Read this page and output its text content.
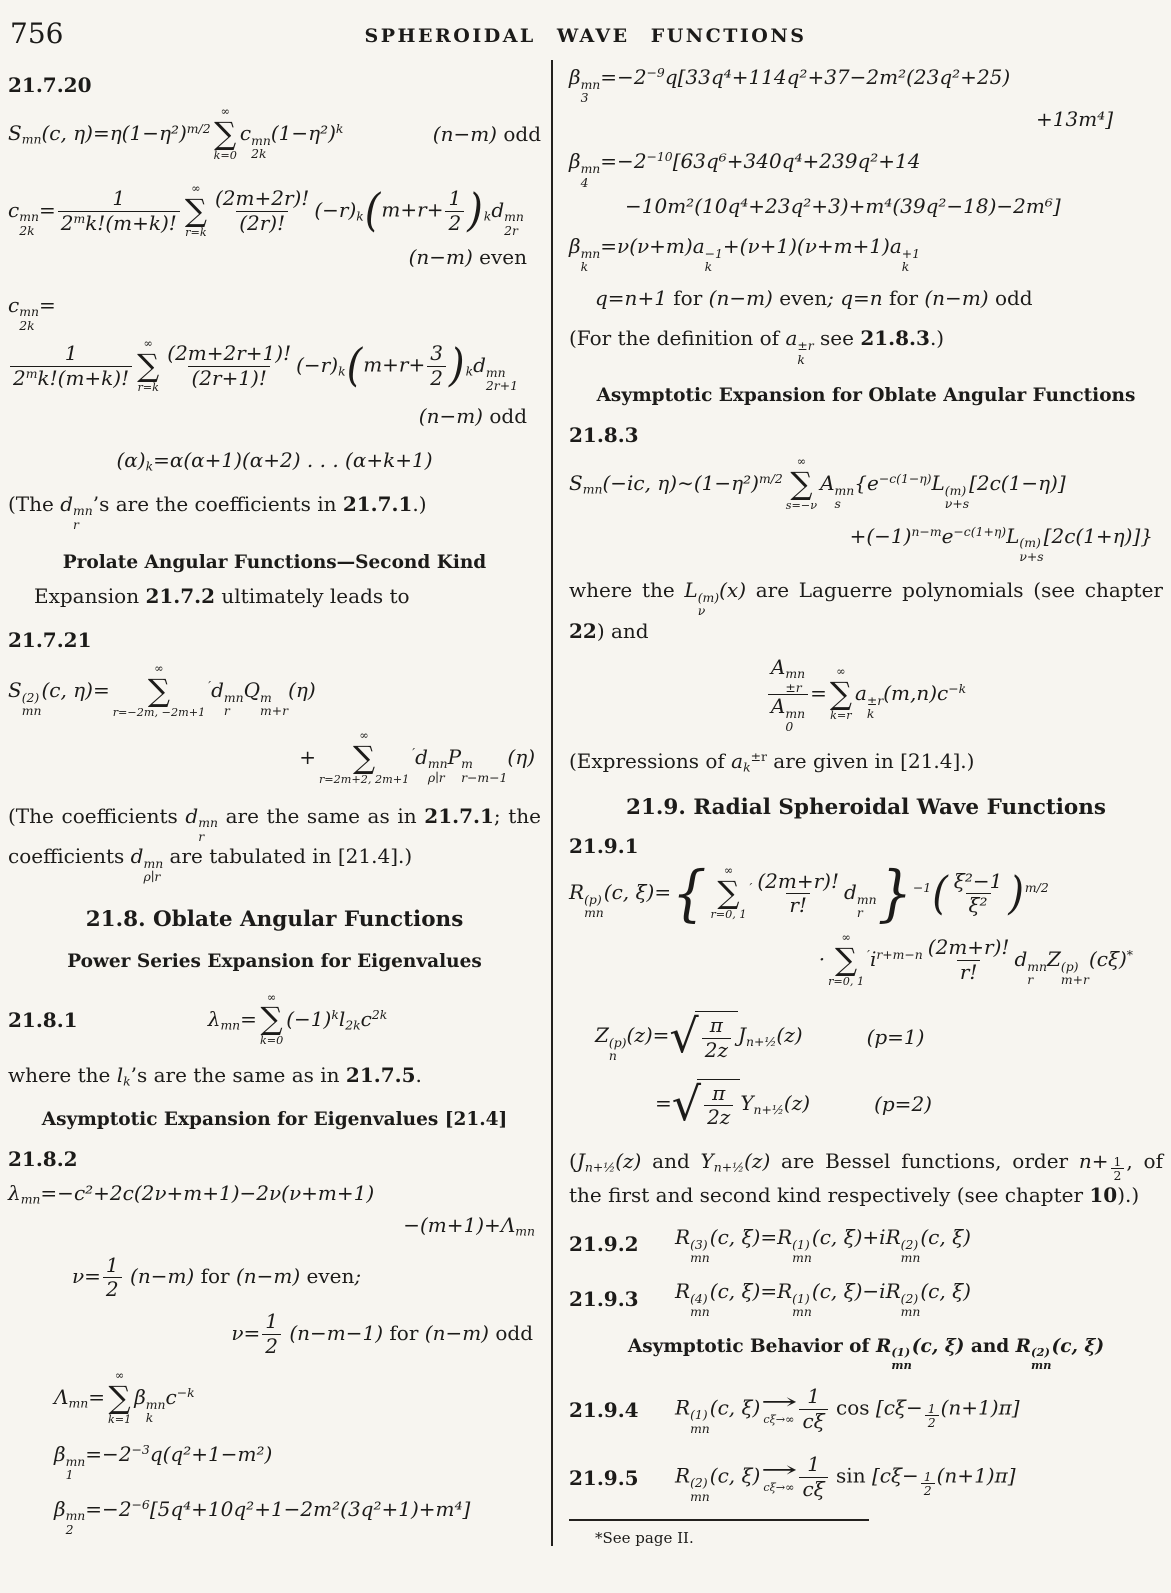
756	SPHEROIDAL WAVE FUNCTIONS
21.7.20
Smn(c, $\eta)=\eta(1-\eta^2)^{m/2}$
∞
∑
k=0
c mn
2k
$(1-\eta^2)^k$	(n−m) odd
c mn
2k
= $\frac{1}{2^mk!(m+k)!}$ ∞
∑
$r=k \frac{(2m+2r)!}{(2r)!} (-r)k$ ( $m+r+ \frac{1}{2}$ ) kd mn
2r
(n−m) even
c mn
2k
=
$\frac{1}{2^mk!(m+k)!}$ ∞
∑
$r=k \frac{(2m+2r+1)!}{(2r+1)!} (-r)k$ ( $m+r+ \frac{3}{2}$ ) kd mn
2r+1
(n−m) odd
(α)k=α(α+1)(α+2) . . . (α+k+1)
(The d mn
r
’s are the coefficients in 21.7.1.)
Prolate Angular Functions—Second Kind
Expansion 21.7.2 ultimately leads to
21.7.21
S (2)
mn
(c, η)=
∞
∑
r=−2m, −2m+1
′d mn
r
Q m
m+r
(η)
+
∞
∑
r=2m+2, 2m+1
′d mn
ρ∣r
P m
r−m−1
(η)
(The coefficients d mn
r
are the same as in 21.7.1; the coefficients d mn
ρ∣r
are tabulated in [21.4].)
21.8. Oblate Angular Functions
Power Series Expansion for Eigenvalues
21.8.1	λmn=
∞
∑
k=0
$(-1)^kl2kc^{2k}$
where the lk’s are the same as in 21.7.5.
Asymptotic Expansion for Eigenvalues [21.4]
21.8.2
λmn=−c²+2c(2ν+m+1)−2ν(ν+m+1)
−(m+1)+Λmn
$\nu= \frac{1}{2} (n-m)$ for (n−m) even;
$\nu= \frac{1}{2} (n-m-1)$ for (n−m) odd
Λmn=
∞
∑
k=1
β mn
k
$c^{-k}$
β mn
1
$=-2^{-3}q(q^2+1-m^2)$
β mn
2
$=-2^{-6}[5q^4+10q^2+1-2m^2(3q^2+1)+m^4]$
β mn
3
$=-2^{-9}q[33q^4+114q^2+37-2m^2(23q^2+25)$
+13m⁴]
β mn
4
$=-2^{-10}[63q^6+340q^4+239q^2+14$
−10m²(10q⁴+23q²+3)+m⁴(39q²−18)−2m⁶]
β mn
k
=ν(ν+m)a −1
k
+(ν+1)(ν+m+1)a +1
k
q=n+1 for (n−m) even; q=n for (n−m) odd
(For the definition of a ±r
k
see 21.8.3.)
Asymptotic Expansion for Oblate Angular Functions
21.8.3
Smn(−ic, $\eta)\sim(1-\eta^2)^{m/2}$
∞
∑
s=−ν
A mn
s
{$e^{-c(1-\eta)}L$ (m)
ν+s
[2c(1−η)]
$+(-1)^{n-m}e^{-c(1+\eta)}L$ (m)
ν+s
[2c(1+η)]}
where the L (m)
ν
(x) are Laguerre polynomials (see chapter 22) and
A mn
±r
A mn
0 =
∞
∑
k=r
a ±r
k
$(m,n)c^{-k}$
(Expressions of $ak^{\pm r}$ are given in [21.4].)
21.9. Radial Spheroidal Wave Functions
21.9.1
R (p)
mn
(c, ξ)= { ∞
∑
r=0, 1
$' \frac{(2m+r)!}{r!}$ d mn
r } $^{-1}$ ( $\frac{\text{ξ²−1}}{\text{ξ²}}$ ) $^{m/2}$
·
∞
∑
r=0, 1
$'i^{r+m-n} \frac{(2m+r)!}{r!}$ d mn
r
Z (p)
m+r
(cξ)*
Z (p)
n
(z)= √ $\frac{\pi}{2z}$ Jn+½(z)	(p=1)
= √ $\frac{\pi}{2z}$ Yn+½(z)	(p=2)
(Jn+½(z) and Yn+½(z) are Bessel functions, order $n+ \frac{1}{2}$ , of the first and second kind respectively (see chapter 10).)
21.9.2	R (3)
mn
(c, ξ)=R (1)
mn
(c, ξ)+iR (2)
mn
(c, ξ)
21.9.3	R (4)
mn
(c, ξ)=R (1)
mn
(c, ξ)−iR (2)
mn
(c, ξ)
Asymptotic Behavior of R (1)
mn
(c, ξ) and R (2)
mn
(c, ξ)
21.9.4	R (1)
mn
(c, ξ) →
$c\xi\to\infty \frac{1}{c\xi}$ $\cos [c\xi- \frac{1}{2} (n+1)\pi]$
21.9.5	R (2)
mn
(c, ξ) →
$c\xi\to\infty \frac{1}{c\xi}$ $\sin [c\xi- \frac{1}{2} (n+1)\pi]$
*See page II.
